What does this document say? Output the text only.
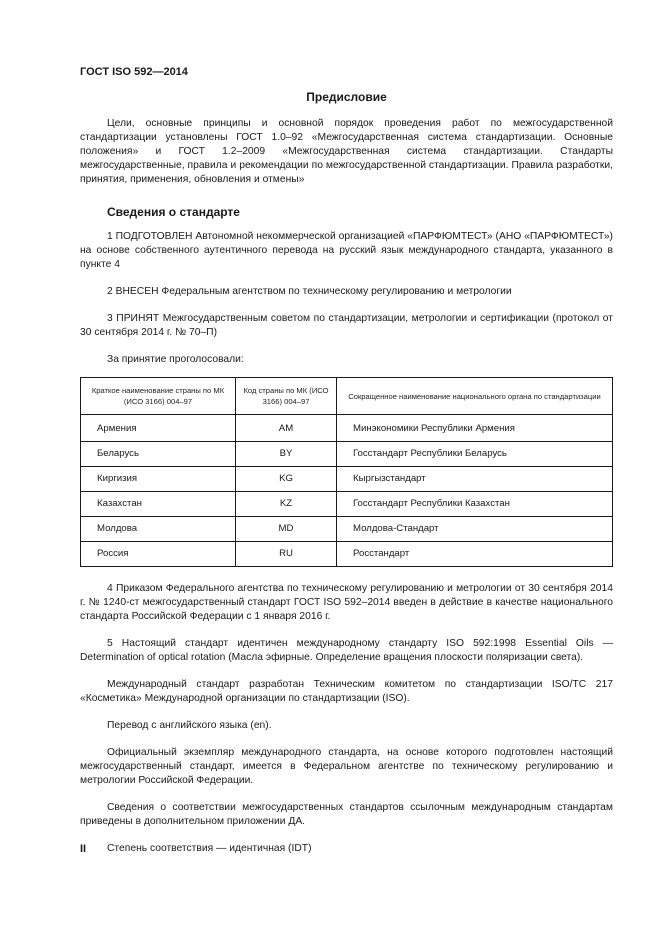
ГОСТ ISO 592—2014
Предисловие

Цели, основные принципы и основной порядок проведения работ по межгосударственной стандартизации установлены ГОСТ 1.0–92 «Межгосударственная система стандартизации. Основные положения» и ГОСТ 1.2–2009 «Межгосударственная система стандартизации. Стандарты межгосударственные, правила и рекомендации по межгосударственной стандартизации. Правила разработки, принятия, применения, обновления и отмены»

Сведения о стандарте

1 ПОДГОТОВЛЕН Автономной некоммерческой организацией «ПАРФЮМТЕСТ» (АНО «ПАРФЮМТЕСТ») на основе собственного аутентичного перевода на русский язык международного стандарта, указанного в пункте 4

2 ВНЕСЕН Федеральным агентством по техническому регулированию и метрологии

3 ПРИНЯТ Межгосударственным советом по стандартизации, метрологии и сертификации (протокол от 30 сентября 2014 г. № 70–П)

За принятие проголосовали:

Краткое наименование страны по МК (ИСО 3166) 004–97	Код страны по МК (ИСО 3166) 004–97	Сокращенное наименование национального органа по стандартизации
Армения	AM	Минэкономики Республики Армения
Беларусь	BY	Госстандарт Республики Беларусь
Киргизия	KG	Кыргызстандарт
Казахстан	KZ	Госстандарт Республики Казахстан
Молдова	MD	Молдова-Стандарт
Россия	RU	Росстандарт

4 Приказом Федерального агентства по техническому регулированию и метрологии от 30 сентября 2014 г. № 1240-ст межгосударственный стандарт ГОСТ ISO 592–2014 введен в действие в качестве национального стандарта Российской Федерации с 1 января 2016 г.

5 Настоящий стандарт идентичен международному стандарту ISO 592:1998 Essential Oils — Determination of optical rotation (Масла эфирные. Определение вращения плоскости поляризации света).

Международный стандарт разработан Техническим комитетом по стандартизации ISO/TC 217 «Косметика» Международной организации по стандартизации (ISO).

Перевод с английского языка (en).

Официальный экземпляр международного стандарта, на основе которого подготовлен настоящий межгосударственный стандарт, имеется в Федеральном агентстве по техническому регулированию и метрологии Российской Федерации.

Сведения о соответствии межгосударственных стандартов ссылочным международным стандартам приведены в дополнительном приложении ДА.

Степень соответствия — идентичная (IDT)

II
